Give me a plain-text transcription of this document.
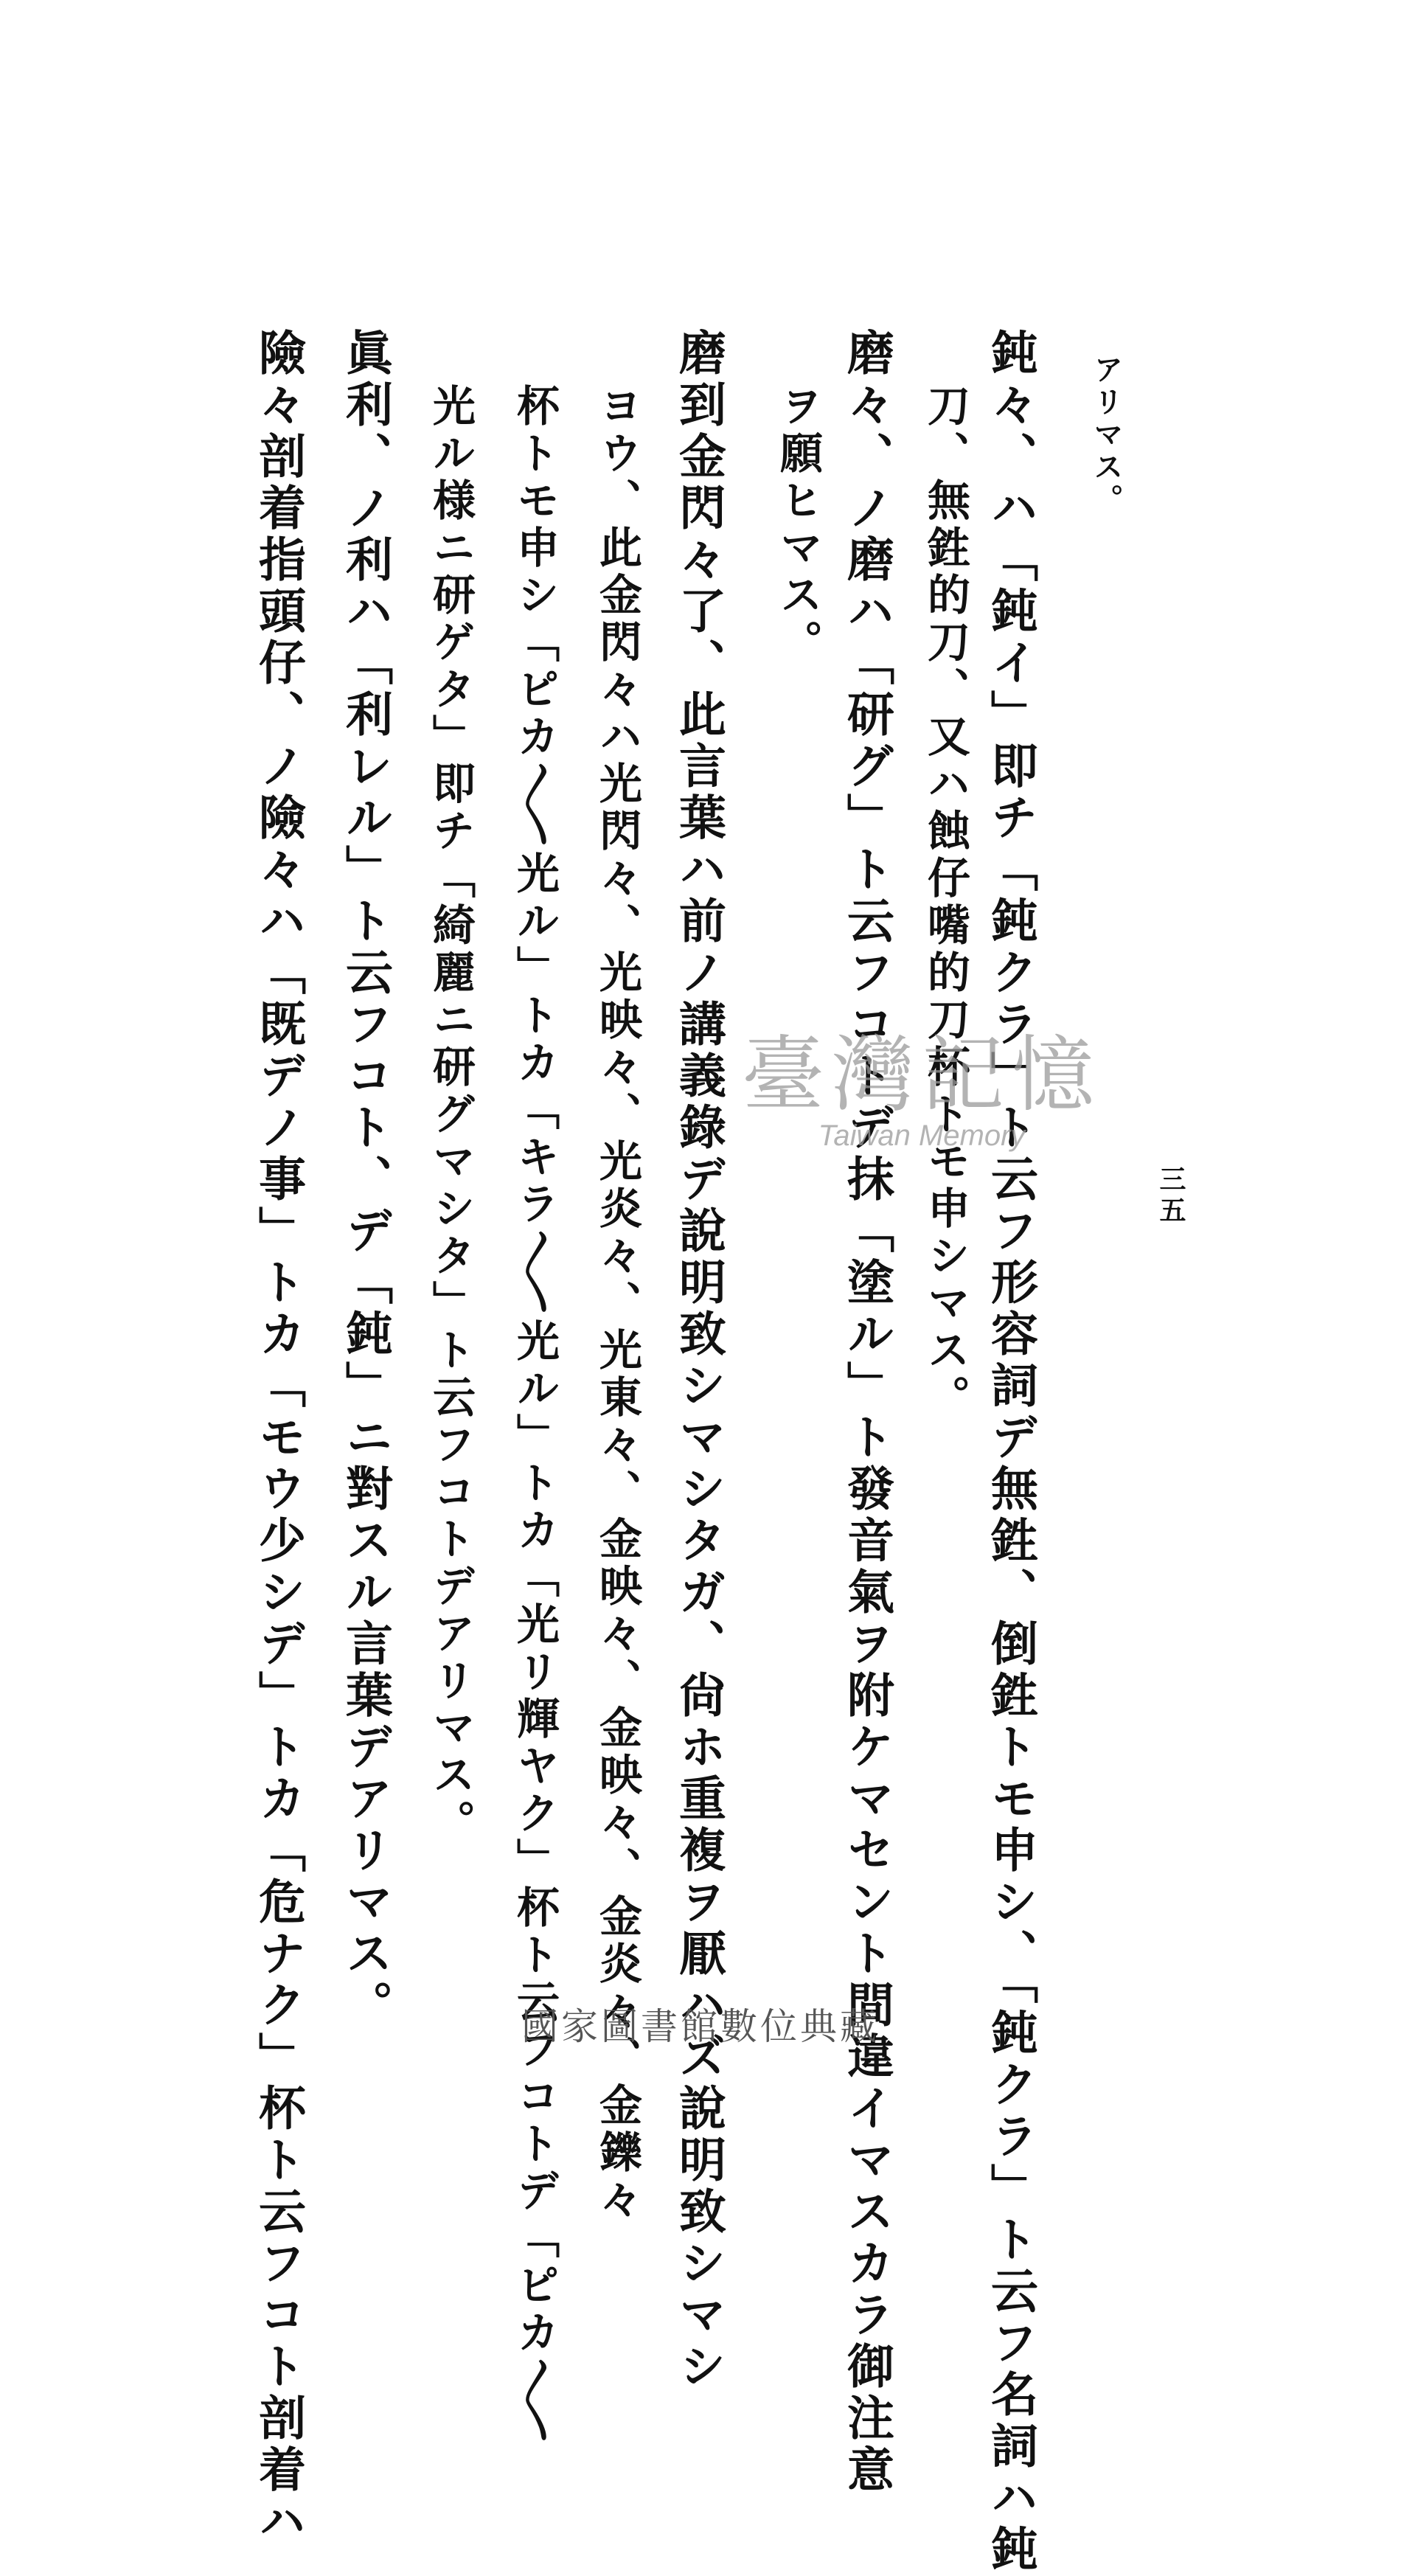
アリマス。
鈍々、ハ「鈍イ」即チ「鈍クラ」ト云フ形容詞デ無鉎、倒鉎トモ申シ、「鈍クラ」ト云フ名詞ハ鈍
刀、無鉎的刀、又ハ蝕仔嘴的刀杯トモ申シマス。
磨々、ノ磨ハ「研グ」ト云フコトデ抹「塗ル」ト發音氣ヲ附ケマセント間違イマスカラ御注意
ヲ願ヒマス。
磨到金閃々了、此言葉ハ前ノ講義錄デ說明致シマシタガ、尙ホ重複ヲ厭ハズ說明致シマシ
ヨウ、此金閃々ハ光閃々、光映々、光炎々、光東々、金映々、金映々、金炎々、金鑠々
杯トモ申シ「ピカ〳〵光ル」トカ「キラ〳〵光ル」トカ「光リ輝ヤク」杯ト云フコトデ「ピカ〳〵
光ル様ニ研ゲタ」即チ「綺麗ニ研グマシタ」ト云フコトデアリマス。
眞利、ノ利ハ「利レル」ト云フコト、デ「鈍」ニ對スル言葉デアリマス。
險々剖着指頭仔、ノ險々ハ「既デノ事」トカ「モウ少シデ」トカ「危ナク」杯ト云フコト剖着ハ	三五
臺灣記憶
Taiwan Memory
國家圖書館數位典藏
